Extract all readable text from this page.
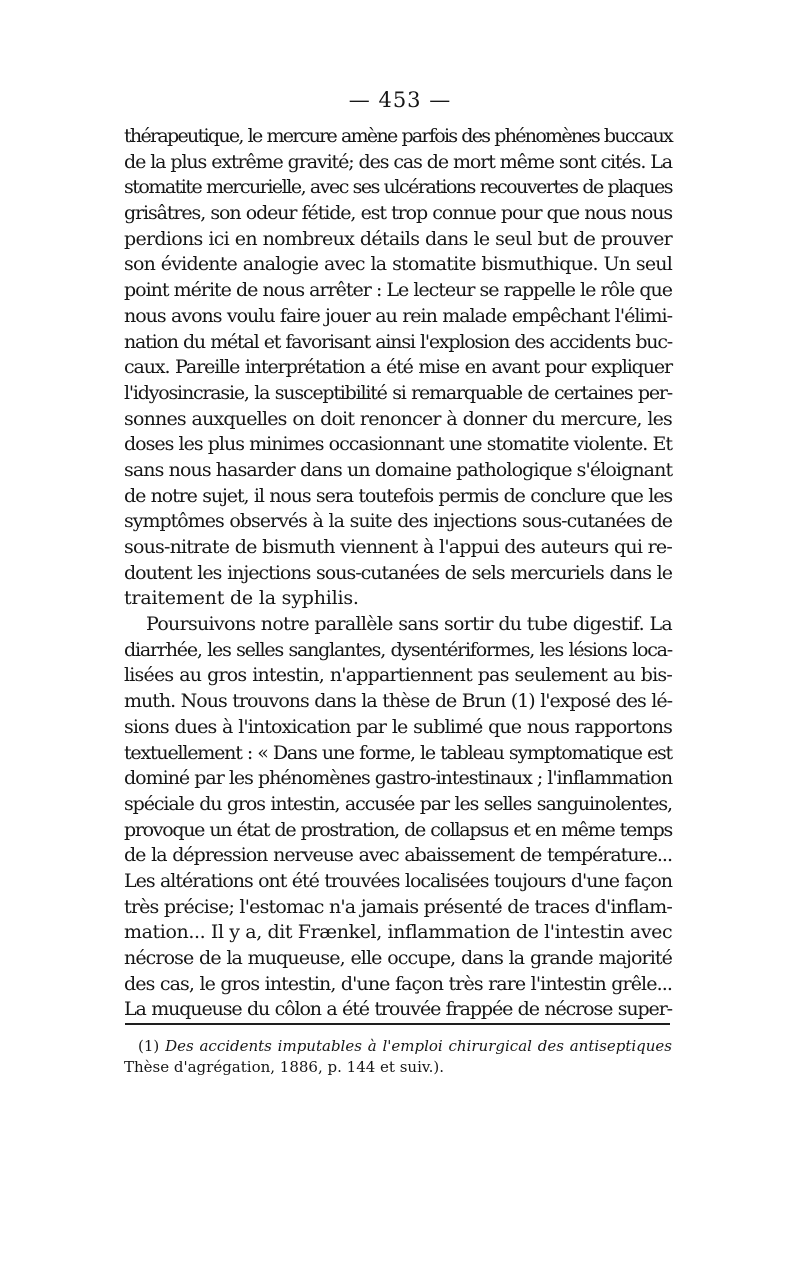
— 453 —
thérapeutique, le mercure amène parfois des phénomènes buccaux
de la plus extrême gravité; des cas de mort même sont cités. La
stomatite mercurielle, avec ses ulcérations recouvertes de plaques
grisâtres, son odeur fétide, est trop connue pour que nous nous
perdions ici en nombreux détails dans le seul but de prouver
son évidente analogie avec la stomatite bismuthique. Un seul
point mérite de nous arrêter : Le lecteur se rappelle le rôle que
nous avons voulu faire jouer au rein malade empêchant l'élimi-
nation du métal et favorisant ainsi l'explosion des accidents buc-
caux. Pareille interprétation a été mise en avant pour expliquer
l'idyosincrasie, la susceptibilité si remarquable de certaines per-
sonnes auxquelles on doit renoncer à donner du mercure, les
doses les plus minimes occasionnant une stomatite violente. Et
sans nous hasarder dans un domaine pathologique s'éloignant
de notre sujet, il nous sera toutefois permis de conclure que les
symptômes observés à la suite des injections sous-cutanées de
sous-nitrate de bismuth viennent à l'appui des auteurs qui re-
doutent les injections sous-cutanées de sels mercuriels dans le
traitement de la syphilis.
Poursuivons notre parallèle sans sortir du tube digestif. La
diarrhée, les selles sanglantes, dysentériformes, les lésions loca-
lisées au gros intestin, n'appartiennent pas seulement au bis-
muth. Nous trouvons dans la thèse de Brun (1) l'exposé des lé-
sions dues à l'intoxication par le sublimé que nous rapportons
textuellement : « Dans une forme, le tableau symptomatique est
dominé par les phénomènes gastro-intestinaux ; l'inflammation
spéciale du gros intestin, accusée par les selles sanguinolentes,
provoque un état de prostration, de collapsus et en même temps
de la dépression nerveuse avec abaissement de température...
Les altérations ont été trouvées localisées toujours d'une façon
très précise; l'estomac n'a jamais présenté de traces d'inflam-
mation... Il y a, dit Frænkel, inflammation de l'intestin avec
nécrose de la muqueuse, elle occupe, dans la grande majorité
des cas, le gros intestin, d'une façon très rare l'intestin grêle...
La muqueuse du côlon a été trouvée frappée de nécrose super-
(1) Des accidents imputables à l'emploi chirurgical des antiseptiques
Thèse d'agrégation, 1886, p. 144 et suiv.).
